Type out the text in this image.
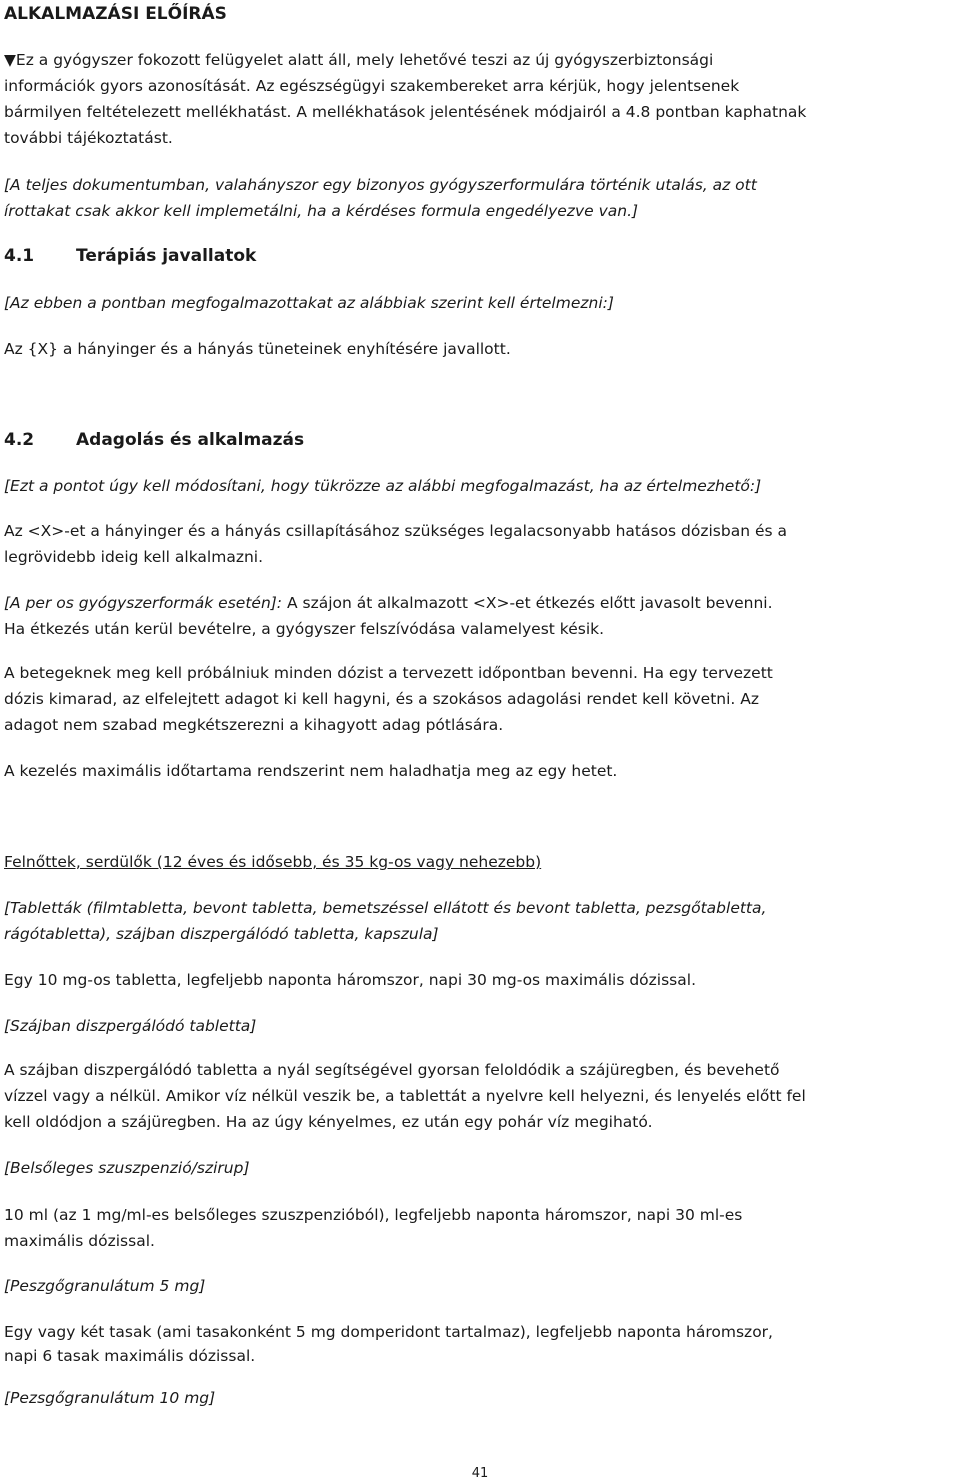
ALKALMAZÁSI ELŐÍRÁS
▼Ez a gyógyszer fokozott felügyelet alatt áll, mely lehetővé teszi az új gyógyszerbiztonsági
információk gyors azonosítását. Az egészségügyi szakembereket arra kérjük, hogy jelentsenek
bármilyen feltételezett mellékhatást. A mellékhatások jelentésének módjairól a 4.8 pontban kaphatnak
további tájékoztatást.
[A teljes dokumentumban, valahányszor egy bizonyos gyógyszerformulára történik utalás, az ott
írottakat csak akkor kell implemetálni, ha a kérdéses formula engedélyezve van.]
4.1 Terápiás javallatok
[Az ebben a pontban megfogalmazottakat az alábbiak szerint kell értelmezni:]
Az {X} a hányinger és a hányás tüneteinek enyhítésére javallott.
4.2 Adagolás és alkalmazás
[Ezt a pontot úgy kell módosítani, hogy tükrözze az alábbi megfogalmazást, ha az értelmezhető:]
Az <X>-et a hányinger és a hányás csillapításához szükséges legalacsonyabb hatásos dózisban és a
legrövidebb ideig kell alkalmazni.
[A per os gyógyszerformák esetén]: A szájon át alkalmazott <X>-et étkezés előtt javasolt bevenni.
Ha étkezés után kerül bevételre, a gyógyszer felszívódása valamelyest késik.
A betegeknek meg kell próbálniuk minden dózist a tervezett időpontban bevenni. Ha egy tervezett
dózis kimarad, az elfelejtett adagot ki kell hagyni, és a szokásos adagolási rendet kell követni. Az
adagot nem szabad megkétszerezni a kihagyott adag pótlására.
A kezelés maximális időtartama rendszerint nem haladhatja meg az egy hetet.
Felnőttek, serdülők (12 éves és idősebb, és 35 kg-os vagy nehezebb)
[Tabletták (filmtabletta, bevont tabletta, bemetszéssel ellátott és bevont tabletta, pezsgőtabletta,
rágótabletta), szájban diszpergálódó tabletta, kapszula]
Egy 10 mg-os tabletta, legfeljebb naponta háromszor, napi 30 mg-os maximális dózissal.
[Szájban diszpergálódó tabletta]
A szájban diszpergálódó tabletta a nyál segítségével gyorsan feloldódik a szájüregben, és bevehető
vízzel vagy a nélkül. Amikor víz nélkül veszik be, a tablettát a nyelvre kell helyezni, és lenyelés előtt fel
kell oldódjon a szájüregben. Ha az úgy kényelmes, ez után egy pohár víz megiható.
[Belsőleges szuszpenzió/szirup]
10 ml (az 1 mg/ml-es belsőleges szuszpenzióból), legfeljebb naponta háromszor, napi 30 ml-es
maximális dózissal.
[Peszgőgranulátum 5 mg]
Egy vagy két tasak (ami tasakonként 5 mg domperidont tartalmaz), legfeljebb naponta háromszor,
napi 6 tasak maximális dózissal.
[Pezsgőgranulátum 10 mg]
41
